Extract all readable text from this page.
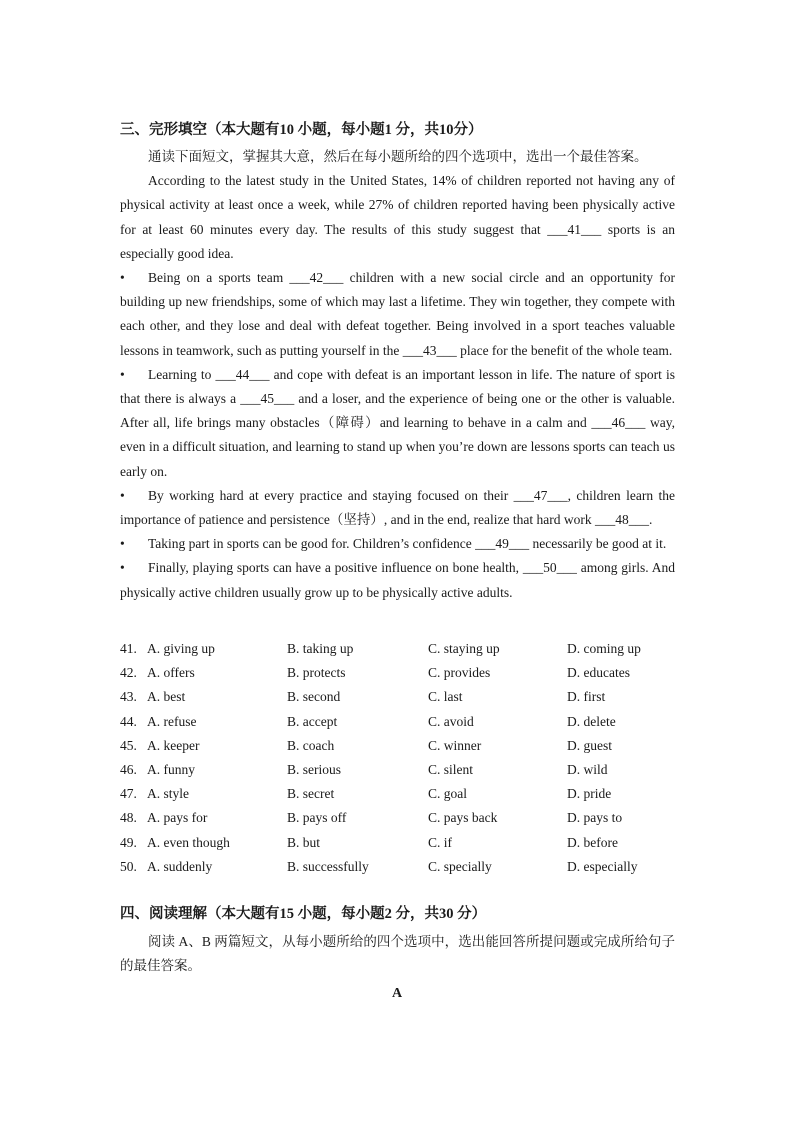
三、完形填空（本大题有10 小题，每小题1 分，共10分）

通读下面短文，掌握其大意，然后在每小题所给的四个选项中，选出一个最佳答案。

According to the latest study in the United States, 14% of children reported not having any of physical activity at least once a week, while 27% of children reported having been physically active for at least 60 minutes every day. The results of this study suggest that ___41___ sports is an especially good idea.

• Being on a sports team ___42___ children with a new social circle and an opportunity for building up new friendships, some of which may last a lifetime. They win together, they compete with each other, and they lose and deal with defeat together. Being involved in a sport teaches valuable lessons in teamwork, such as putting yourself in the ___43___ place for the benefit of the whole team.

• Learning to ___44___ and cope with defeat is an important lesson in life. The nature of sport is that there is always a ___45___ and a loser, and the experience of being one or the other is valuable. After all, life brings many obstacles（障碍）and learning to behave in a calm and ___46___ way, even in a difficult situation, and learning to stand up when you’re down are lessons sports can teach us early on.

• By working hard at every practice and staying focused on their ___47___, children learn the importance of patience and persistence（坚持）, and in the end, realize that hard work ___48___.

• Taking part in sports can be good for. Children’s confidence ___49___ necessarily be good at it.

• Finally, playing sports can have a positive influence on bone health, ___50___ among girls. And physically active children usually grow up to be physically active adults.

41. A. giving up	B. taking up	C. staying up	D. coming up
42. A. offers	B. protects	C. provides	D. educates
43. A. best	B. second	C. last	D. first
44. A. refuse	B. accept	C. avoid	D. delete
45. A. keeper	B. coach	C. winner	D. guest
46. A. funny	B. serious	C. silent	D. wild
47. A. style	B. secret	C. goal	D. pride
48. A. pays for	B. pays off	C. pays back	D. pays to
49. A. even though	B. but	C. if	D. before
50. A. suddenly	B. successfully	C. specially	D. especially
四、阅读理解（本大题有15 小题，每小题2 分，共30 分）

阅读 A、B 两篇短文，从每小题所给的四个选项中，选出能回答所提问题或完成所给句子的最佳答案。

A
